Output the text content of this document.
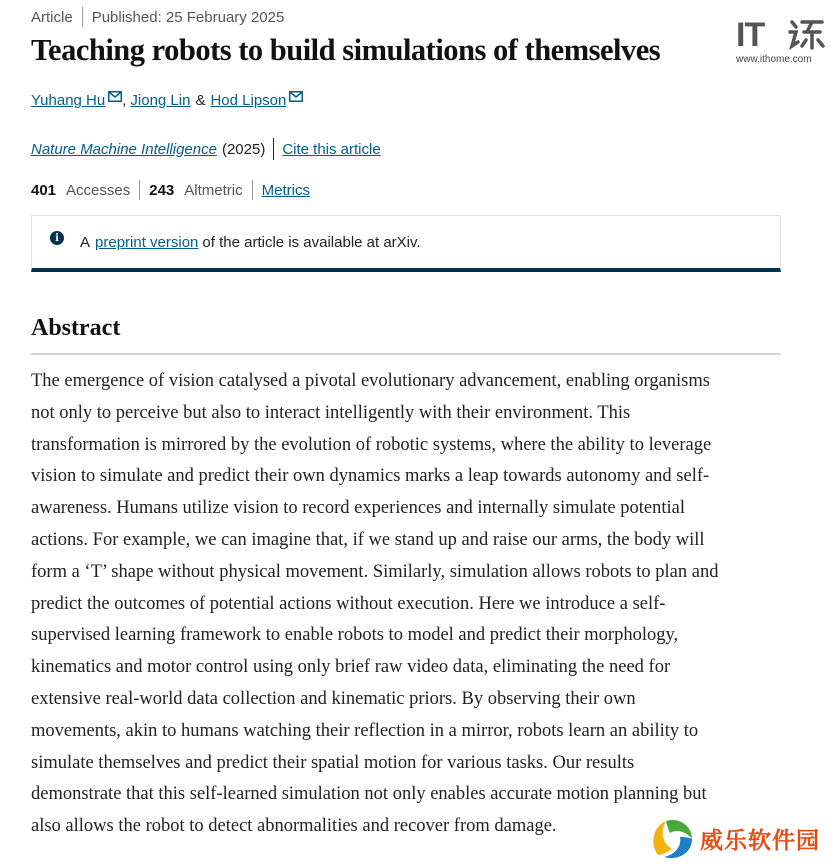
Article Published: 25 February 2025
Teaching robots to build simulations of themselves
Yuhang Hu , Jiong Lin & Hod Lipson
Nature Machine Intelligence (2025) Cite this article
401 Accesses 243 Altmetric Metrics
i	A preprint version of the article is available at arXiv.
Abstract

The emergence of vision catalysed a pivotal evolutionary advancement, enabling organisms
not only to perceive but also to interact intelligently with their environment. This
transformation is mirrored by the evolution of robotic systems, where the ability to leverage
vision to simulate and predict their own dynamics marks a leap towards autonomy and self-
awareness. Humans utilize vision to record experiences and internally simulate potential
actions. For example, we can imagine that, if we stand up and raise our arms, the body will
form a ‘T’ shape without physical movement. Similarly, simulation allows robots to plan and
predict the outcomes of potential actions without execution. Here we introduce a self-
supervised learning framework to enable robots to model and predict their morphology,
kinematics and motor control using only brief raw video data, eliminating the need for
extensive real-world data collection and kinematic priors. By observing their own
movements, akin to humans watching their reflection in a mirror, robots learn an ability to
simulate themselves and predict their spatial motion for various tasks. Our results
demonstrate that this self-learned simulation not only enables accurate motion planning but
also allows the robot to detect abnormalities and recover from damage.

IT
www.ithome.com
威乐软件园
